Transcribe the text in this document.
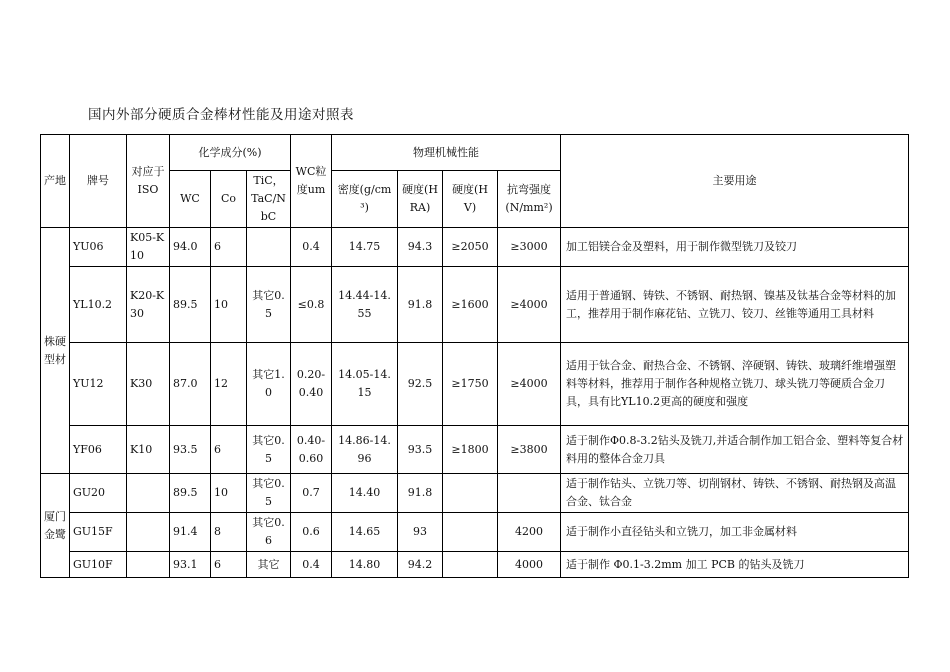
国内外部分硬质合金棒材性能及用途对照表
产地	牌号	对应于ISO	化学成分(%)			WC粒度um	物理机械性能				主要用途
			WC	Co	TiC，TaC/NbC		密度(g/cm³)	硬度(HRA)	硬度(HV)	抗弯强度(N/mm²)	

株硬型材	YU06	K05-K10	94.0	6		0.4	14.75	94.3	≥2050	≥3000	加工铝镁合金及塑料，用于制作微型铣刀及铰刀
	YL10.2	K20-K30	89.5	10	其它0.5	≤0.8	14.44-14.55	91.8	≥1600	≥4000	适用于普通钢、铸铁、不锈钢、耐热钢、镍基及钛基合金等材料的加工，推荐用于制作麻花钻、立铣刀、铰刀、丝锥等通用工具材料
	YU12	K30	87.0	12	其它1.0	0.20-0.40	14.05-14.15	92.5	≥1750	≥4000	适用于钛合金、耐热合金、不锈钢、淬硬钢、铸铁、玻璃纤维增强塑料等材料，推荐用于制作各种规格立铣刀、球头铣刀等硬质合金刀具，具有比YL10.2更高的硬度和强度
	YF06	K10	93.5	6	其它0.5	0.40-0.60	14.86-14.96	93.5	≥1800	≥3800	适于制作Φ0.8-3.2钻头及铣刀,并适合制作加工铝合金、塑料等复合材料用的整体合金刀具

厦门金鹭	GU20		89.5	10	其它0.5	0.7	14.40	91.8			适于制作钻头、立铣刀等、切削钢材、铸铁、不锈钢、耐热钢及高温合金、钛合金
	GU15F		91.4	8	其它0.6	0.6	14.65	93		4200	适于制作小直径钻头和立铣刀，加工非金属材料
	GU10F		93.1	6	其它	0.4	14.80	94.2		4000	适于制作 Φ0.1-3.2mm 加工 PCB 的钻头及铣刀
